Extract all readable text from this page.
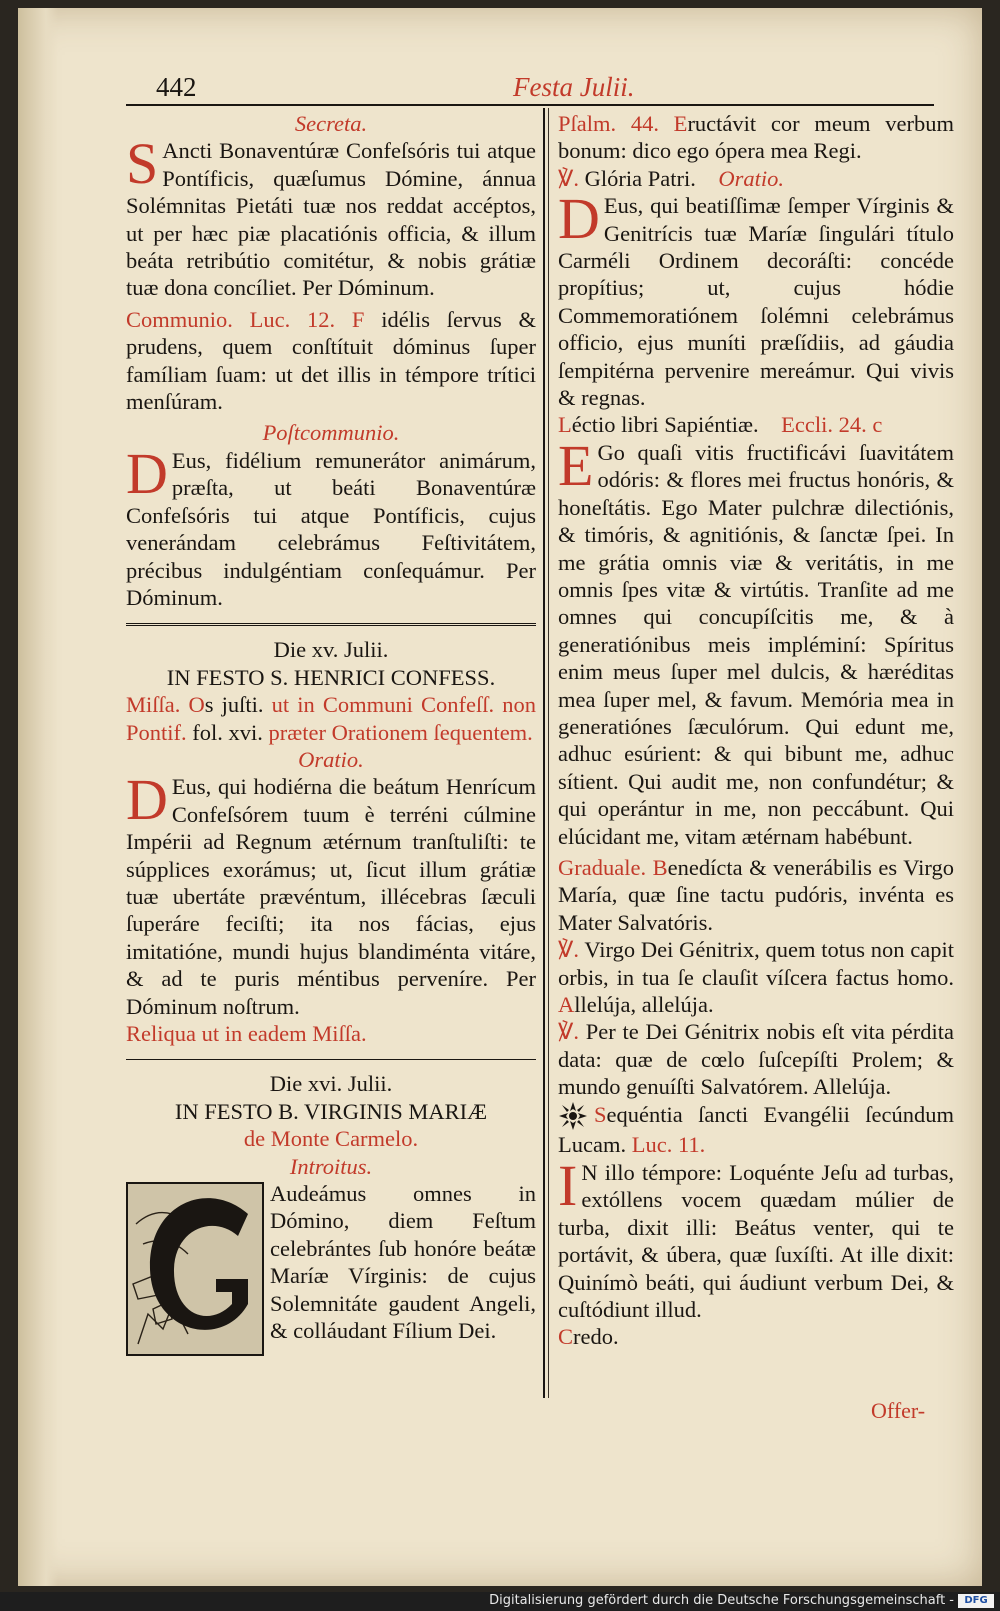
442	Festa Julii.

Secreta.

S Ancti Bonaventúræ Confeſsóris tui atque Pontíficis, quæſumus Dómine, ánnua Solémnitas Pietáti tuæ nos reddat accéptos, ut per hæc piæ placatiónis officia, & illum beáta retribútio comitétur, & nobis grátiæ tuæ dona concíliet. Per Dóminum.

Communio. Luc. 12. F idélis ſervus & prudens, quem conſtítuit dóminus ſuper famíliam ſuam: ut det illis in témpore trítici menſúram.

Poſtcommunio.

D Eus, fidélium remunerátor animárum, præſta, ut beáti Bonaventúræ Confeſsóris tui atque Pontíficis, cujus venerándam celebrámus Feſtivitátem, précibus indulgéntiam conſequámur. Per Dóminum.

Die xv. Julii.

IN FESTO S. HENRICI CONFESS.

Miſſa. Os juſti. ut in Communi Confeſſ. non Pontif. fol. xvi. præter Orationem ſequentem.

Oratio.

D Eus, qui hodiérna die beátum Henrícum Confeſsórem tuum è terréni cúlmine Impérii ad Regnum ætérnum tranſtuliſti: te súpplices exorámus; ut, ſicut illum grátiæ tuæ ubertáte prævéntum, illécebras ſæculi ſuperáre feciſti; ita nos fácias, ejus imitatióne, mundi hujus blandiménta vitáre, & ad te puris méntibus perveníre. Per Dóminum noſtrum.

Reliqua ut in eadem Miſſa.

Die xvi. Julii.

IN FESTO B. VIRGINIS MARIÆ

de Monte Carmelo.

Introitus.

Audeámus omnes in Dómino, diem Feſtum celebrántes ſub honóre beátæ Maríæ Vírginis: de cujus Solemnitáte gaudent Angeli, & colláudant Fílium Dei.

Pſalm. 44. Eructávit cor meum verbum bonum: dico ego ópera mea Regi.

℣. Glória Patri. Oratio.

D Eus, qui beatiſſimæ ſemper Vírginis & Genitrícis tuæ Maríæ ſingulári título Carméli Ordinem decoráſti: concéde propítius; ut, cujus hódie Commemoratiónem ſolémni celebrámus officio, ejus muníti præſídiis, ad gáudia ſempitérna pervenire mereámur. Qui vivis & regnas.

Léctio libri Sapiéntiæ. Eccli. 24. c

E Go quaſi vitis fructificávi ſuavitátem odóris: & flores mei fructus honóris, & honeſtátis. Ego Mater pulchræ dilectiónis, & timóris, & agnitiónis, & ſanctæ ſpei. In me grátia omnis viæ & veritátis, in me omnis ſpes vitæ & virtútis. Tranſite ad me omnes qui concupíſcitis me, & à generatiónibus meis impléminí: Spíritus enim meus ſuper mel dulcis, & hæréditas mea ſuper mel, & favum. Memória mea in generatiónes ſæculórum. Qui edunt me, adhuc esúrient: & qui bibunt me, adhuc sítient. Qui audit me, non confundétur; & qui operántur in me, non peccábunt. Qui elúcidant me, vitam ætérnam habébunt.

Graduale. Benedícta & venerábilis es Virgo María, quæ ſine tactu pudóris, invénta es Mater Salvatóris.

℣. Virgo Dei Génitrix, quem totus non capit orbis, in tua ſe clauſit víſcera factus homo. Allelúja, allelúja.

℣. Per te Dei Génitrix nobis eſt vita pérdita data: quæ de cœlo ſuſcepíſti Prolem; & mundo genuíſti Salvatórem. Allelúja.

Sequéntia ſancti Evangélii ſecúndum Lucam. Luc. 11.

I N illo témpore: Loquénte Jeſu ad turbas, extóllens vocem quædam múlier de turba, dixit illi: Beátus venter, qui te portávit, & úbera, quæ ſuxíſti. At ille dixit: Quinímò beáti, qui áudiunt verbum Dei, & cuſtódiunt illud.

Credo.

Offer-
Digitalisierung gefördert durch die Deutsche Forschungsgemeinschaft -	DFG
